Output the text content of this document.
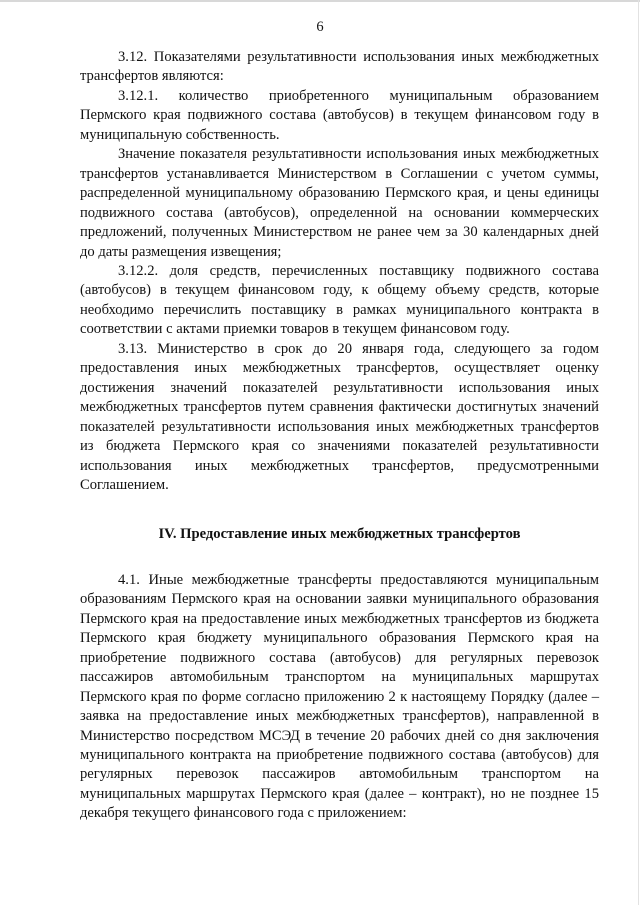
6

3.12. Показателями результативности использования иных межбюджетных трансфертов являются:

3.12.1. количество приобретенного муниципальным образованием Пермского края подвижного состава (автобусов) в текущем финансовом году в муниципальную собственность.

Значение показателя результативности использования иных межбюджетных трансфертов устанавливается Министерством в Соглашении с учетом суммы, распределенной муниципальному образованию Пермского края, и цены единицы подвижного состава (автобусов), определенной на основании коммерческих предложений, полученных Министерством не ранее чем за 30 календарных дней до даты размещения извещения;

3.12.2. доля средств, перечисленных поставщику подвижного состава (автобусов) в текущем финансовом году, к общему объему средств, которые необходимо перечислить поставщику в рамках муниципального контракта в соответствии с актами приемки товаров в текущем финансовом году.

3.13. Министерство в срок до 20 января года, следующего за годом предоставления иных межбюджетных трансфертов, осуществляет оценку достижения значений показателей результативности использования иных межбюджетных трансфертов путем сравнения фактически достигнутых значений показателей результативности использования иных межбюджетных трансфертов из бюджета Пермского края со значениями показателей результативности использования иных межбюджетных трансфертов, предусмотренными Соглашением.

IV. Предоставление иных межбюджетных трансфертов

4.1. Иные межбюджетные трансферты предоставляются муниципальным образованиям Пермского края на основании заявки муниципального образования Пермского края на предоставление иных межбюджетных трансфертов из бюджета Пермского края бюджету муниципального образования Пермского края на приобретение подвижного состава (автобусов) для регулярных перевозок пассажиров автомобильным транспортом на муниципальных маршрутах Пермского края по форме согласно приложению 2 к настоящему Порядку (далее – заявка на предоставление иных межбюджетных трансфертов), направленной в Министерство посредством МСЭД в течение 20 рабочих дней со дня заключения муниципального контракта на приобретение подвижного состава (автобусов) для регулярных перевозок пассажиров автомобильным транспортом на муниципальных маршрутах Пермского края (далее – контракт), но не позднее 15 декабря текущего финансового года с приложением:
